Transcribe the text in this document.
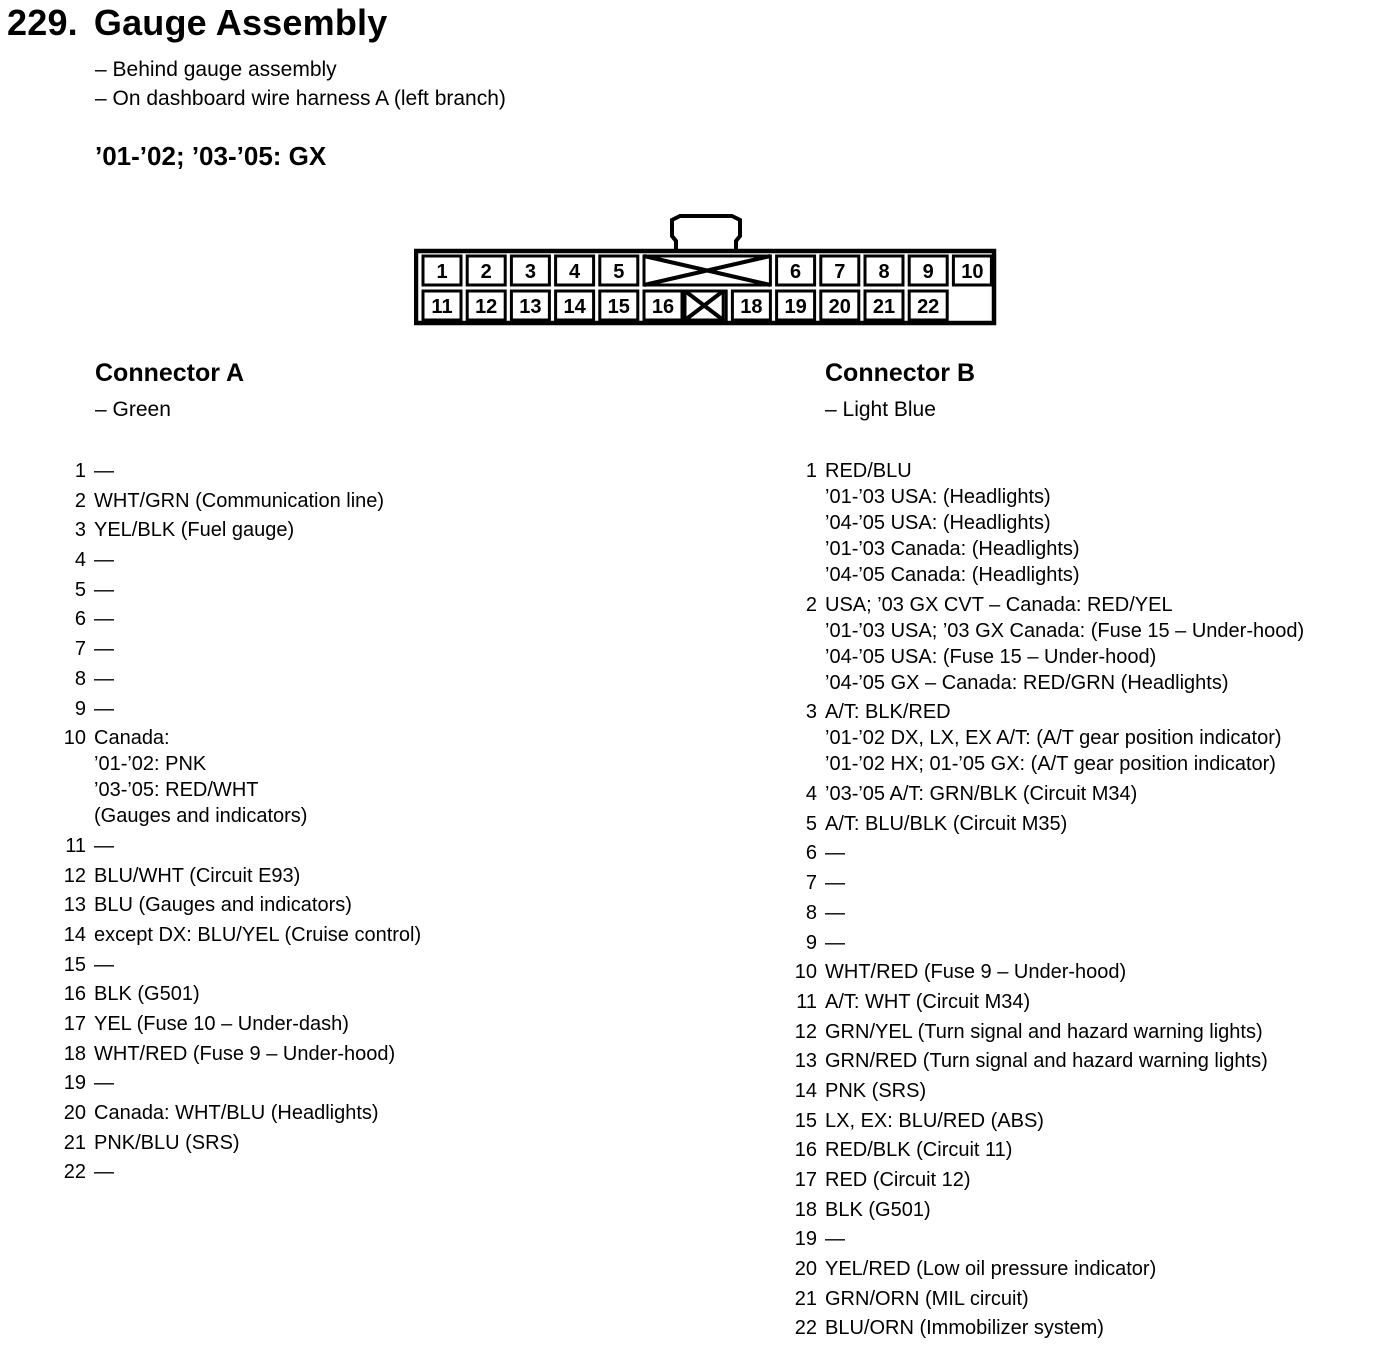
229. Gauge Assembly
– Behind gauge assembly
– On dashboard wire harness A (left branch)
’01-’02; ’03-’05: GX
1 2 3 4 5	6 7 8 9 10
11 12 13 14 15 16	18 19 20 21 22
Connector A
– Green
Connector B
– Light Blue
1 —
2 WHT/GRN (Communication line)
3 YEL/BLK (Fuel gauge)
4 —
5 —
6 —
7 —
8 —
9 —
10 Canada:
’01-’02: PNK
’03-’05: RED/WHT
(Gauges and indicators)
11 —
12 BLU/WHT (Circuit E93)
13 BLU (Gauges and indicators)
14 except DX: BLU/YEL (Cruise control)
15 —
16 BLK (G501)
17 YEL (Fuse 10 – Under-dash)
18 WHT/RED (Fuse 9 – Under-hood)
19 —
20 Canada: WHT/BLU (Headlights)
21 PNK/BLU (SRS)
22 —
1 RED/BLU
’01-’03 USA: (Headlights)
’04-’05 USA: (Headlights)
’01-’03 Canada: (Headlights)
’04-’05 Canada: (Headlights)
2 USA; ’03 GX CVT – Canada: RED/YEL
’01-’03 USA; ’03 GX Canada: (Fuse 15 – Under-hood)
’04-’05 USA: (Fuse 15 – Under-hood)
’04-’05 GX – Canada: RED/GRN (Headlights)
3 A/T: BLK/RED
’01-’02 DX, LX, EX A/T: (A/T gear position indicator)
’01-’02 HX; 01-’05 GX: (A/T gear position indicator)
4 ’03-’05 A/T: GRN/BLK (Circuit M34)
5 A/T: BLU/BLK (Circuit M35)
6 —
7 —
8 —
9 —
10 WHT/RED (Fuse 9 – Under-hood)
11 A/T: WHT (Circuit M34)
12 GRN/YEL (Turn signal and hazard warning lights)
13 GRN/RED (Turn signal and hazard warning lights)
14 PNK (SRS)
15 LX, EX: BLU/RED (ABS)
16 RED/BLK (Circuit 11)
17 RED (Circuit 12)
18 BLK (G501)
19 —
20 YEL/RED (Low oil pressure indicator)
21 GRN/ORN (MIL circuit)
22 BLU/ORN (Immobilizer system)
